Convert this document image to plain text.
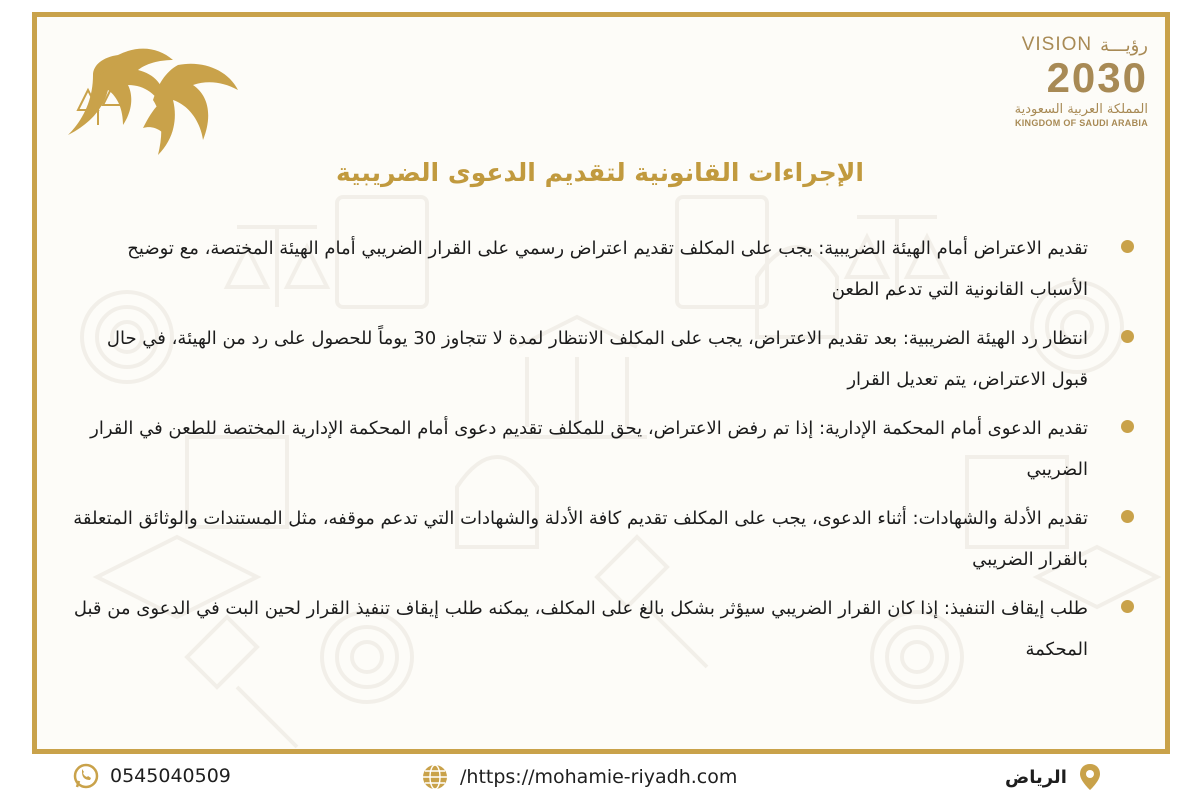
محمد	VISION رؤيـــة
2030
المملكة العربية السعودية
KINGDOM OF SAUDI ARABIA
الإجراءات القانونية لتقديم الدعوى الضريبية
تقديم الاعتراض أمام الهيئة الضريبية: يجب على المكلف تقديم اعتراض رسمي على القرار الضريبي أمام الهيئة المختصة، مع توضيح الأسباب القانونية التي تدعم الطعن
انتظار رد الهيئة الضريبية: بعد تقديم الاعتراض، يجب على المكلف الانتظار لمدة لا تتجاوز 30 يوماً للحصول على رد من الهيئة، في حال قبول الاعتراض، يتم تعديل القرار
تقديم الدعوى أمام المحكمة الإدارية: إذا تم رفض الاعتراض، يحق للمكلف تقديم دعوى أمام المحكمة الإدارية المختصة للطعن في القرار الضريبي
تقديم الأدلة والشهادات: أثناء الدعوى، يجب على المكلف تقديم كافة الأدلة والشهادات التي تدعم موقفه، مثل المستندات والوثائق المتعلقة بالقرار الضريبي
طلب إيقاف التنفيذ: إذا كان القرار الضريبي سيؤثر بشكل بالغ على المكلف، يمكنه طلب إيقاف تنفيذ القرار لحين البت في الدعوى من قبل المحكمة
0545040509	/https://mohamie-riyadh.com	الرياض
